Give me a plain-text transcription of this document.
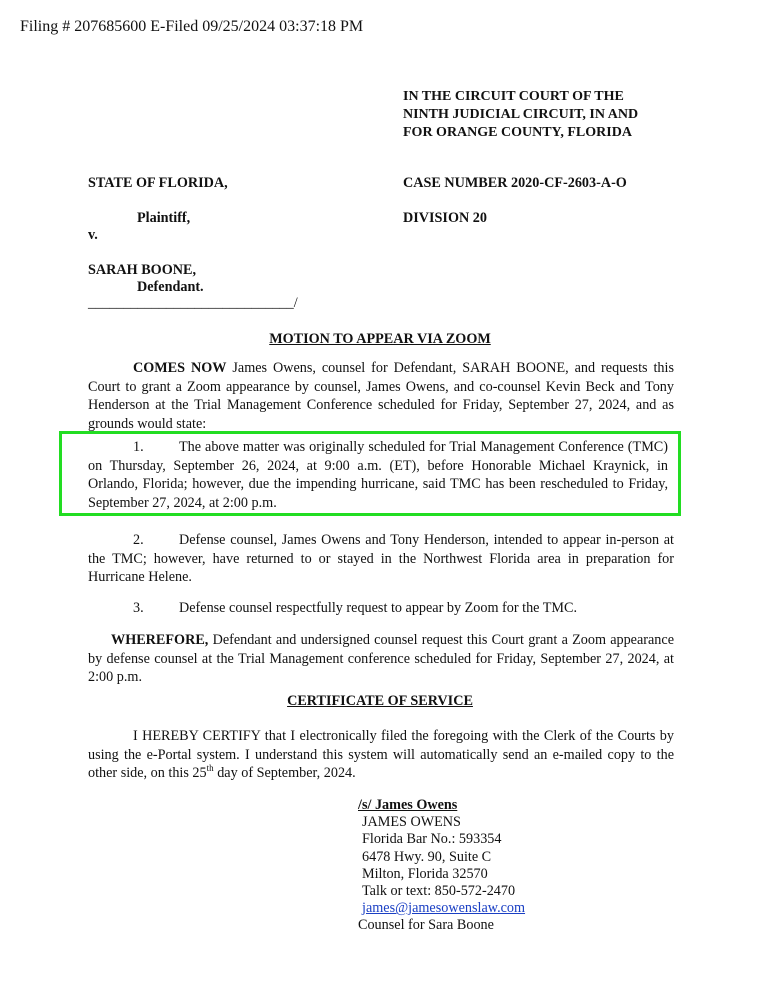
Filing # 207685600 E-Filed 09/25/2024 03:37:18 PM
IN THE CIRCUIT COURT OF THE
NINTH JUDICIAL CIRCUIT, IN AND
FOR ORANGE COUNTY, FLORIDA
STATE OF FLORIDA,	CASE NUMBER 2020-CF-2603-A-O
Plaintiff,	DIVISION 20
v.
SARAH BOONE,
Defendant.
_____________________________/
MOTION TO APPEAR VIA ZOOM
COMES NOW James Owens, counsel for Defendant, SARAH BOONE, and requests this Court to grant a Zoom appearance by counsel, James Owens, and co-counsel Kevin Beck and Tony Henderson at the Trial Management Conference scheduled for Friday, September 27, 2024, and as grounds would state:
1. The above matter was originally scheduled for Trial Management Conference (TMC) on Thursday, September 26, 2024, at 9:00 a.m. (ET), before Honorable Michael Kraynick, in Orlando, Florida; however, due the impending hurricane, said TMC has been rescheduled to Friday, September 27, 2024, at 2:00 p.m.
2. Defense counsel, James Owens and Tony Henderson, intended to appear in-person at the TMC; however, have returned to or stayed in the Northwest Florida area in preparation for Hurricane Helene.
3. Defense counsel respectfully request to appear by Zoom for the TMC.
WHEREFORE, Defendant and undersigned counsel request this Court grant a Zoom appearance by defense counsel at the Trial Management conference scheduled for Friday, September 27, 2024, at 2:00 p.m.
CERTIFICATE OF SERVICE
I HEREBY CERTIFY that I electronically filed the foregoing with the Clerk of the Courts by using the e-Portal system. I understand this system will automatically send an e-mailed copy to the other side, on this 25th day of September, 2024.
/s/ James Owens
JAMES OWENS
Florida Bar No.: 593354
6478 Hwy. 90, Suite C
Milton, Florida 32570
Talk or text: 850-572-2470
james@jamesowenslaw.com
Counsel for Sara Boone
